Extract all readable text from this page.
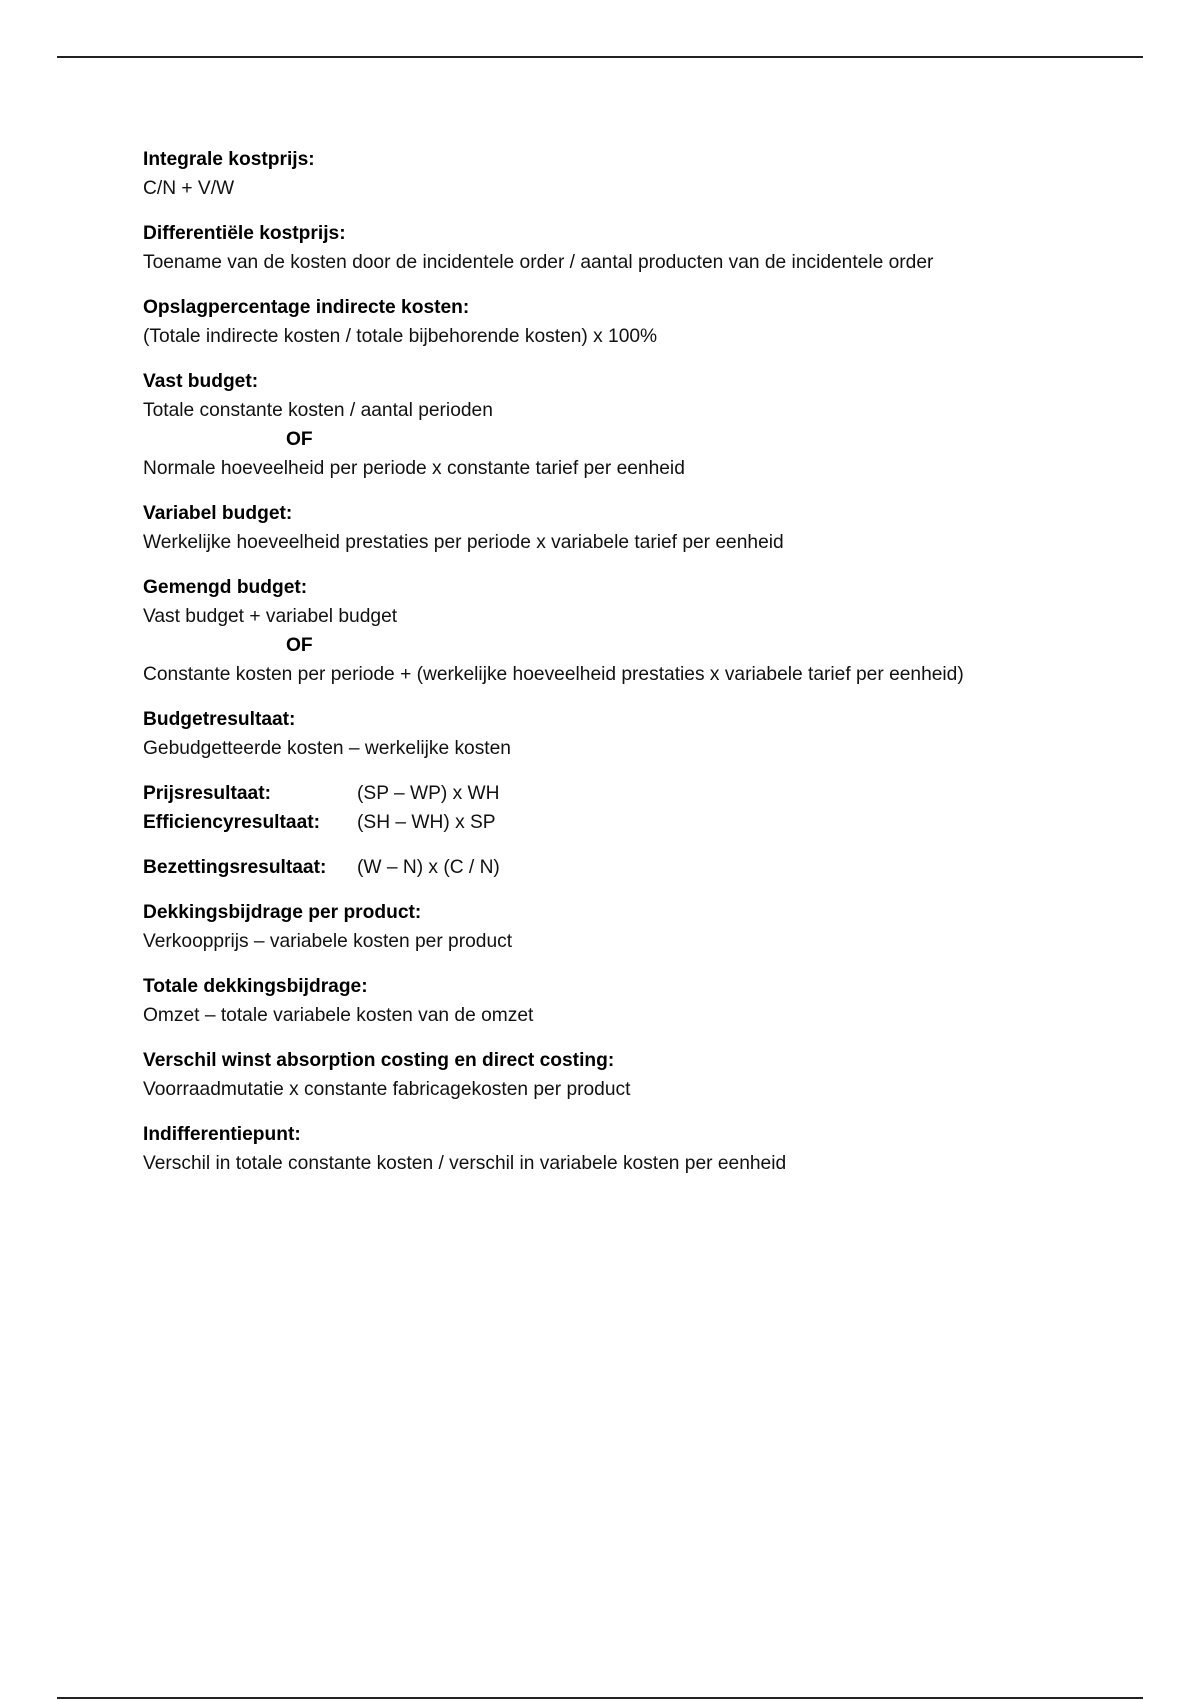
Integrale kostprijs:
C/N + V/W
Differentiële kostprijs:
Toename van de kosten door de incidentele order / aantal producten van de incidentele order
Opslagpercentage indirecte kosten:
(Totale indirecte kosten / totale bijbehorende kosten) x 100%
Vast budget:
Totale constante kosten / aantal perioden
OF
Normale hoeveelheid per periode x constante tarief per eenheid
Variabel budget:
Werkelijke hoeveelheid prestaties per periode x variabele tarief per eenheid
Gemengd budget:
Vast budget + variabel budget
OF
Constante kosten per periode + (werkelijke hoeveelheid prestaties x variabele tarief per eenheid)
Budgetresultaat:
Gebudgetteerde kosten – werkelijke kosten
Prijsresultaat:	(SP – WP) x WH
Efficiencyresultaat:	(SH – WH) x SP
Bezettingsresultaat:	(W – N) x (C / N)
Dekkingsbijdrage per product:
Verkoopprijs – variabele kosten per product
Totale dekkingsbijdrage:
Omzet – totale variabele kosten van de omzet
Verschil winst absorption costing en direct costing:
Voorraadmutatie x constante fabricagekosten per product
Indifferentiepunt:
Verschil in totale constante kosten / verschil in variabele kosten per eenheid
